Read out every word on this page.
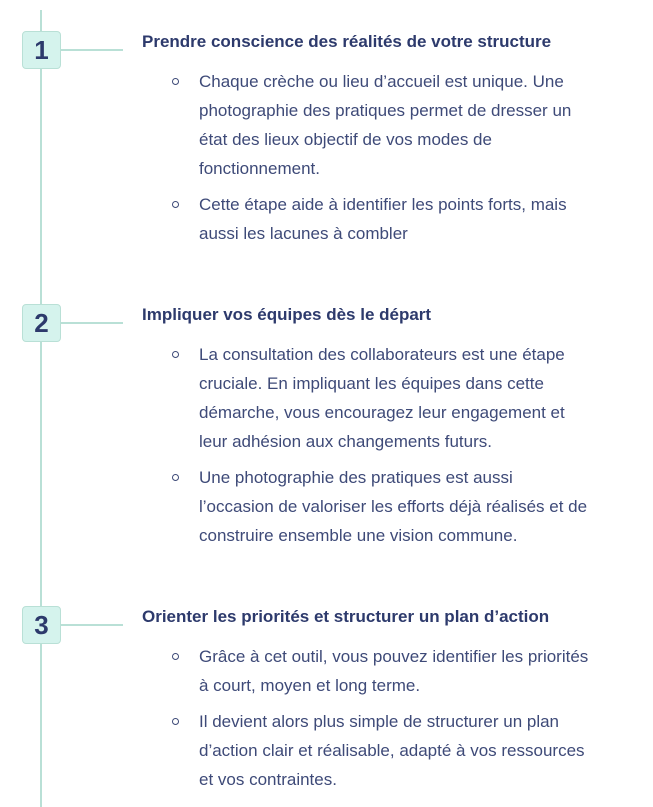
1	Prendre conscience des réalités de votre structure
Chaque crèche ou lieu d’accueil est unique. Une photographie des pratiques permet de dresser un état des lieux objectif de vos modes de fonctionnement.
Cette étape aide à identifier les points forts, mais aussi les lacunes à combler
2	Impliquer vos équipes dès le départ
La consultation des collaborateurs est une étape cruciale. En impliquant les équipes dans cette démarche, vous encouragez leur engagement et leur adhésion aux changements futurs.
Une photographie des pratiques est aussi l’occasion de valoriser les efforts déjà réalisés et de construire ensemble une vision commune.
3	Orienter les priorités et structurer un plan d’action
Grâce à cet outil, vous pouvez identifier les priorités à court, moyen et long terme.
Il devient alors plus simple de structurer un plan d’action clair et réalisable, adapté à vos ressources et vos contraintes.
